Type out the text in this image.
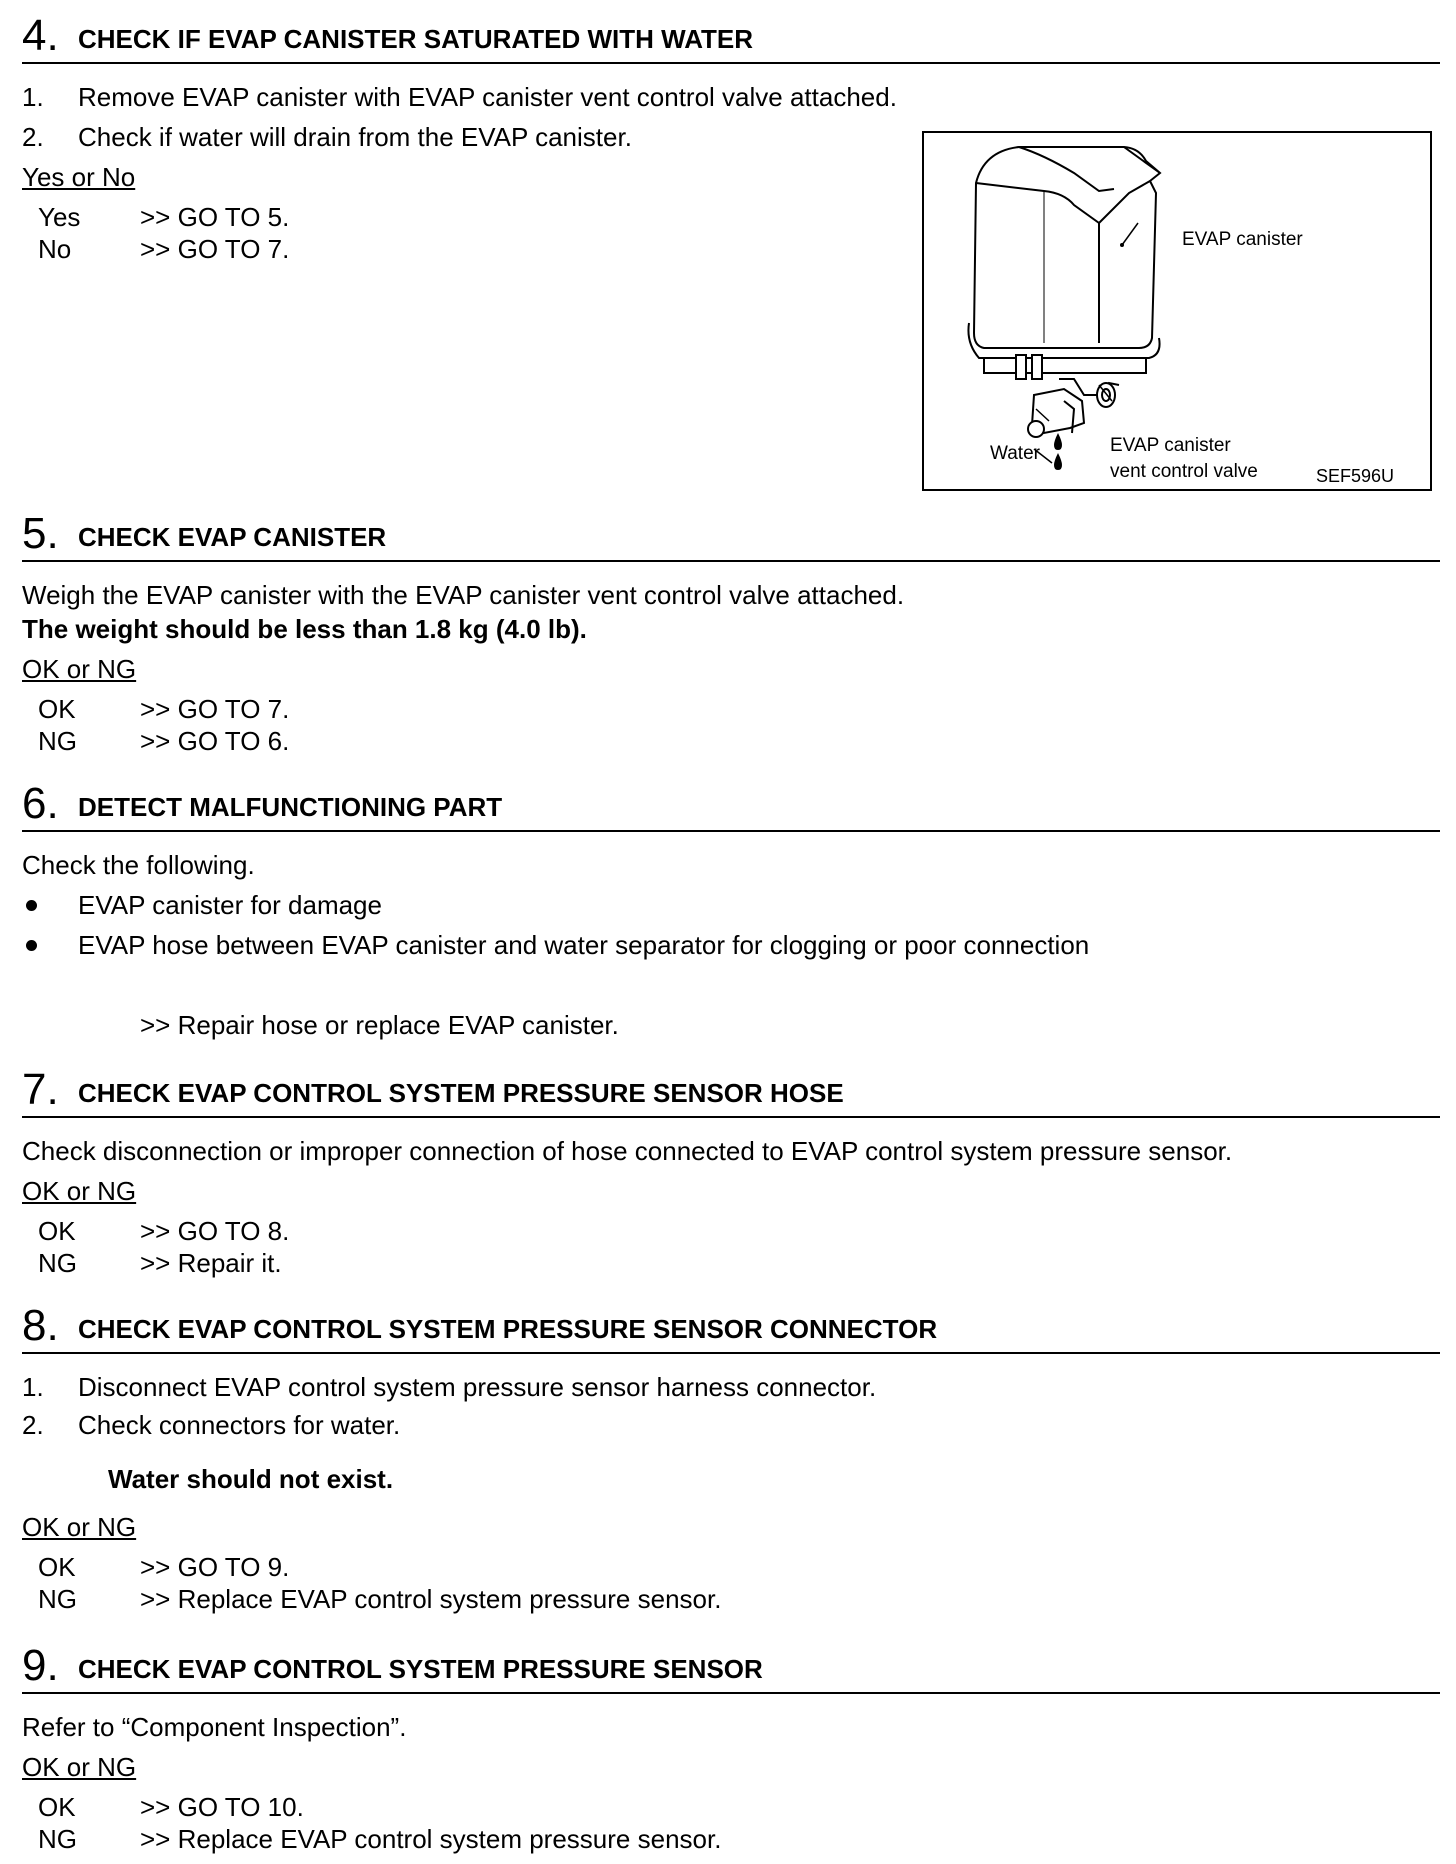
4. CHECK IF EVAP CANISTER SATURATED WITH WATER
1. Remove EVAP canister with EVAP canister vent control valve attached.
2. Check if water will drain from the EVAP canister.
Yes or No
Yes >> GO TO 5.
No	>> GO TO 7.	EVAP canister
EVAP canister
vent control valve
Water
SEF596U
5. CHECK EVAP CANISTER
Weigh the EVAP canister with the EVAP canister vent control valve attached.
The weight should be less than 1.8 kg (4.0 lb).
OK or NG
OK >> GO TO 7.
NG >> GO TO 6.
6. DETECT MALFUNCTIONING PART
Check the following.
EVAP canister for damage
EVAP hose between EVAP canister and water separator for clogging or poor connection
>> Repair hose or replace EVAP canister.
7. CHECK EVAP CONTROL SYSTEM PRESSURE SENSOR HOSE
Check disconnection or improper connection of hose connected to EVAP control system pressure sensor.
OK or NG
OK >> GO TO 8.
NG >> Repair it.
8. CHECK EVAP CONTROL SYSTEM PRESSURE SENSOR CONNECTOR
1. Disconnect EVAP control system pressure sensor harness connector.
2. Check connectors for water.
Water should not exist.
OK or NG
OK >> GO TO 9.
NG >> Replace EVAP control system pressure sensor.
9. CHECK EVAP CONTROL SYSTEM PRESSURE SENSOR
Refer to “Component Inspection”.
OK or NG
OK >> GO TO 10.
NG >> Replace EVAP control system pressure sensor.
